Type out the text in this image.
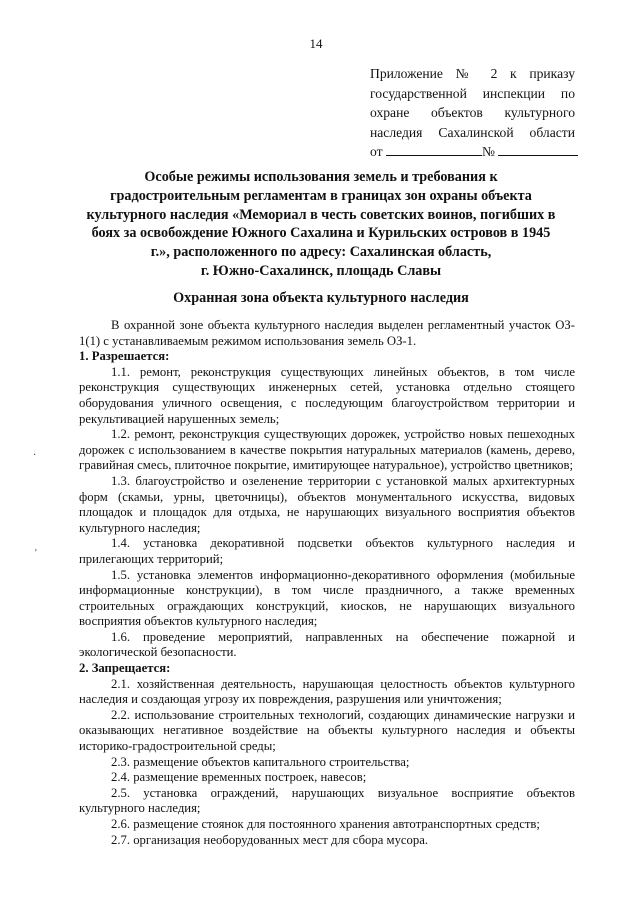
14
Приложение № 2 к приказу
государственной инспекции по
охране объектов культурного
наследия Сахалинской области
от	№
Особые режимы использования земель и требования к
градостроительным регламентам в границах зон охраны объекта
культурного наследия «Мемориал в честь советских воинов, погибших в
боях за освобождение Южного Сахалина и Курильских островов в 1945
г.», расположенного по адресу: Сахалинская область,
г. Южно-Сахалинск, площадь Славы
Охранная зона объекта культурного наследия

В охранной зоне объекта культурного наследия выделен регламентный участок ОЗ- 1(1) с устанавливаемым режимом использования земель ОЗ-1.

1. Разрешается:

1.1. ремонт, реконструкция существующих линейных объектов, в том числе реконструкция существующих инженерных сетей, установка отдельно стоящего оборудования уличного освещения, с последующим благоустройством территории и рекультивацией нарушенных земель;

1.2. ремонт, реконструкция существующих дорожек, устройство новых пешеходных дорожек с использованием в качестве покрытия натуральных материалов (камень, дерево, гравийная смесь, плиточное покрытие, имитирующее натуральное), устройство цветников;

1.3. благоустройство и озеленение территории с установкой малых архитектурных форм (скамьи, урны, цветочницы), объектов монументального искусства, видовых площадок и площадок для отдыха, не нарушающих визуального восприятия объектов культурного наследия;

1.4. установка декоративной подсветки объектов культурного наследия и прилегающих территорий;

1.5. установка элементов информационно-декоративного оформления (мобильные информационные конструкции), в том числе праздничного, а также временных строительных ограждающих конструкций, киосков, не нарушающих визуального восприятия объектов культурного наследия;

1.6. проведение мероприятий, направленных на обеспечение пожарной и экологической безопасности.

2. Запрещается:

2.1. хозяйственная деятельность, нарушающая целостность объектов культурного наследия и создающая угрозу их повреждения, разрушения или уничтожения;

2.2. использование строительных технологий, создающих динамические нагрузки и оказывающих негативное воздействие на объекты культурного наследия и объекты историко-градостроительной среды;

2.3. размещение объектов капитального строительства;

2.4. размещение временных построек, навесов;

2.5. установка ограждений, нарушающих визуальное восприятие объектов культурного наследия;

2.6. размещение стоянок для постоянного хранения автотранспортных средств;

2.7. организация необорудованных мест для сбора мусора.

·
'
